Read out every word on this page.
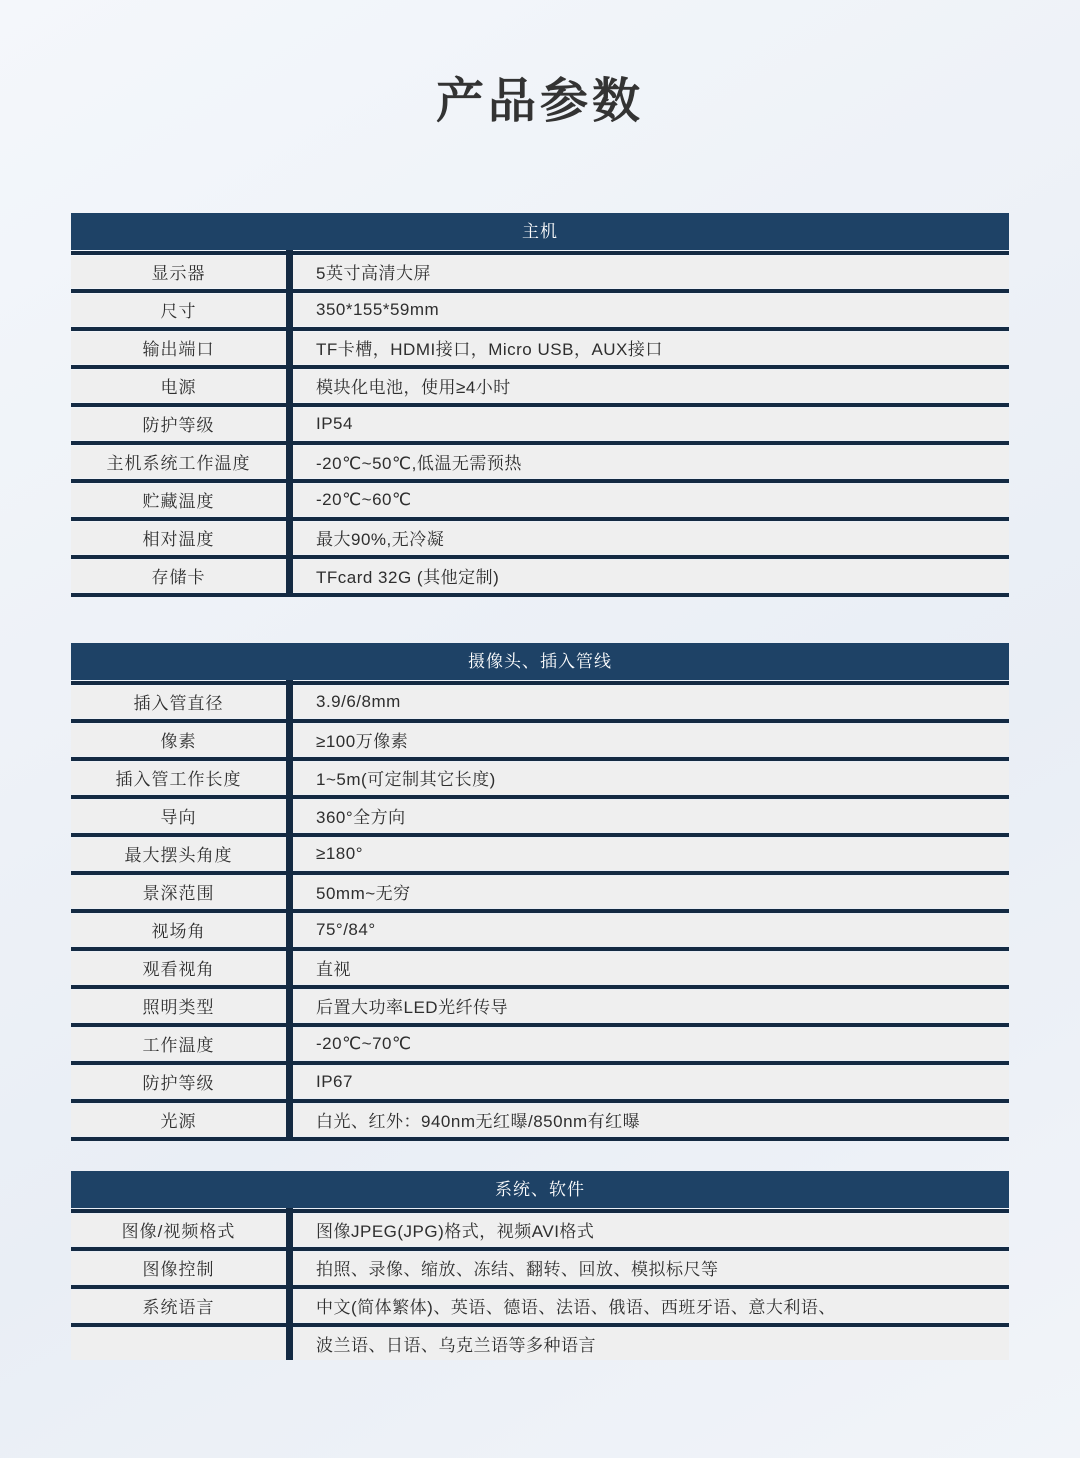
产品参数
主机
显示器	5英寸高清大屏
尺寸	350*155*59mm
输出端口	TF卡槽，HDMI接口，Micro USB，AUX接口
电源	模块化电池，使用≥4小时
防护等级	IP54
主机系统工作温度	-20℃~50℃,低温无需预热
贮藏温度	-20℃~60℃
相对温度	最大90%,无冷凝
存储卡	TFcard 32G (其他定制)
摄像头、插入管线
插入管直径	3.9/6/8mm
像素	≥100万像素
插入管工作长度	1~5m(可定制其它长度)
导向	360°全方向
最大摆头角度	≥180°
景深范围	50mm~无穷
视场角	75°/84°
观看视角	直视
照明类型	后置大功率LED光纤传导
工作温度	-20℃~70℃
防护等级	IP67
光源	白光、红外：940nm无红曝/850nm有红曝
系统、软件
图像/视频格式	图像JPEG(JPG)格式，视频AVI格式
图像控制	拍照、录像、缩放、冻结、翻转、回放、模拟标尺等
系统语言	中文(简体繁体)、英语、德语、法语、俄语、西班牙语、意大利语、
波兰语、日语、乌克兰语等多种语言
